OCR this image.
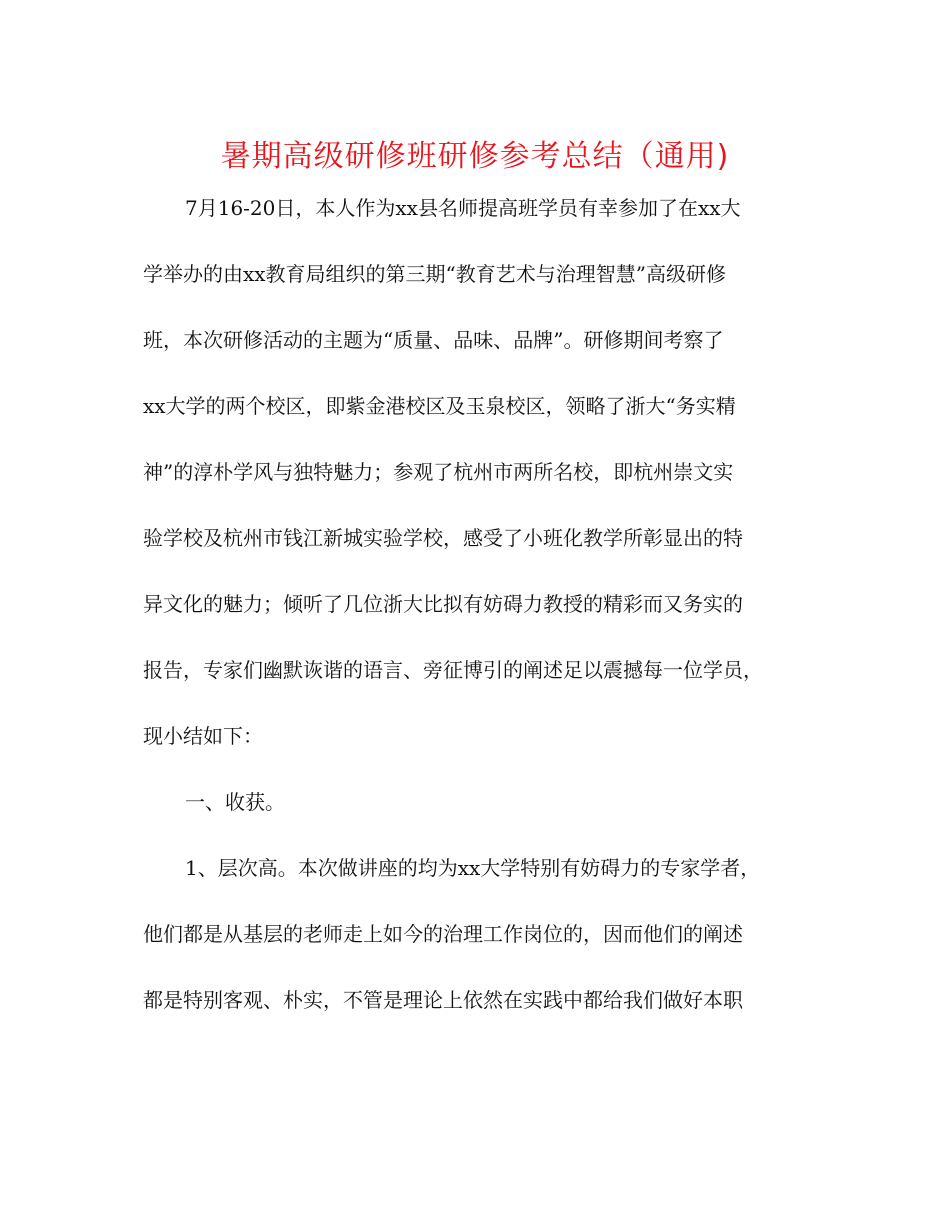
暑期高级研修班研修参考总结（通用)
7月16-20日，本人作为xx县名师提高班学员有幸参加了在xx大
学举办的由xx教育局组织的第三期“教育艺术与治理智慧”高级研修
班，本次研修活动的主题为“质量、品味、品牌”。研修期间考察了
xx大学的两个校区，即紫金港校区及玉泉校区，领略了浙大“务实精
神”的淳朴学风与独特魅力；参观了杭州市两所名校，即杭州崇文实
验学校及杭州市钱江新城实验学校，感受了小班化教学所彰显出的特
异文化的魅力；倾听了几位浙大比拟有妨碍力教授的精彩而又务实的
报告，专家们幽默诙谐的语言、旁征博引的阐述足以震撼每一位学员，
现小结如下：
一、收获。
1、层次高。本次做讲座的均为xx大学特别有妨碍力的专家学者，
他们都是从基层的老师走上如今的治理工作岗位的，因而他们的阐述
都是特别客观、朴实，不管是理论上依然在实践中都给我们做好本职
